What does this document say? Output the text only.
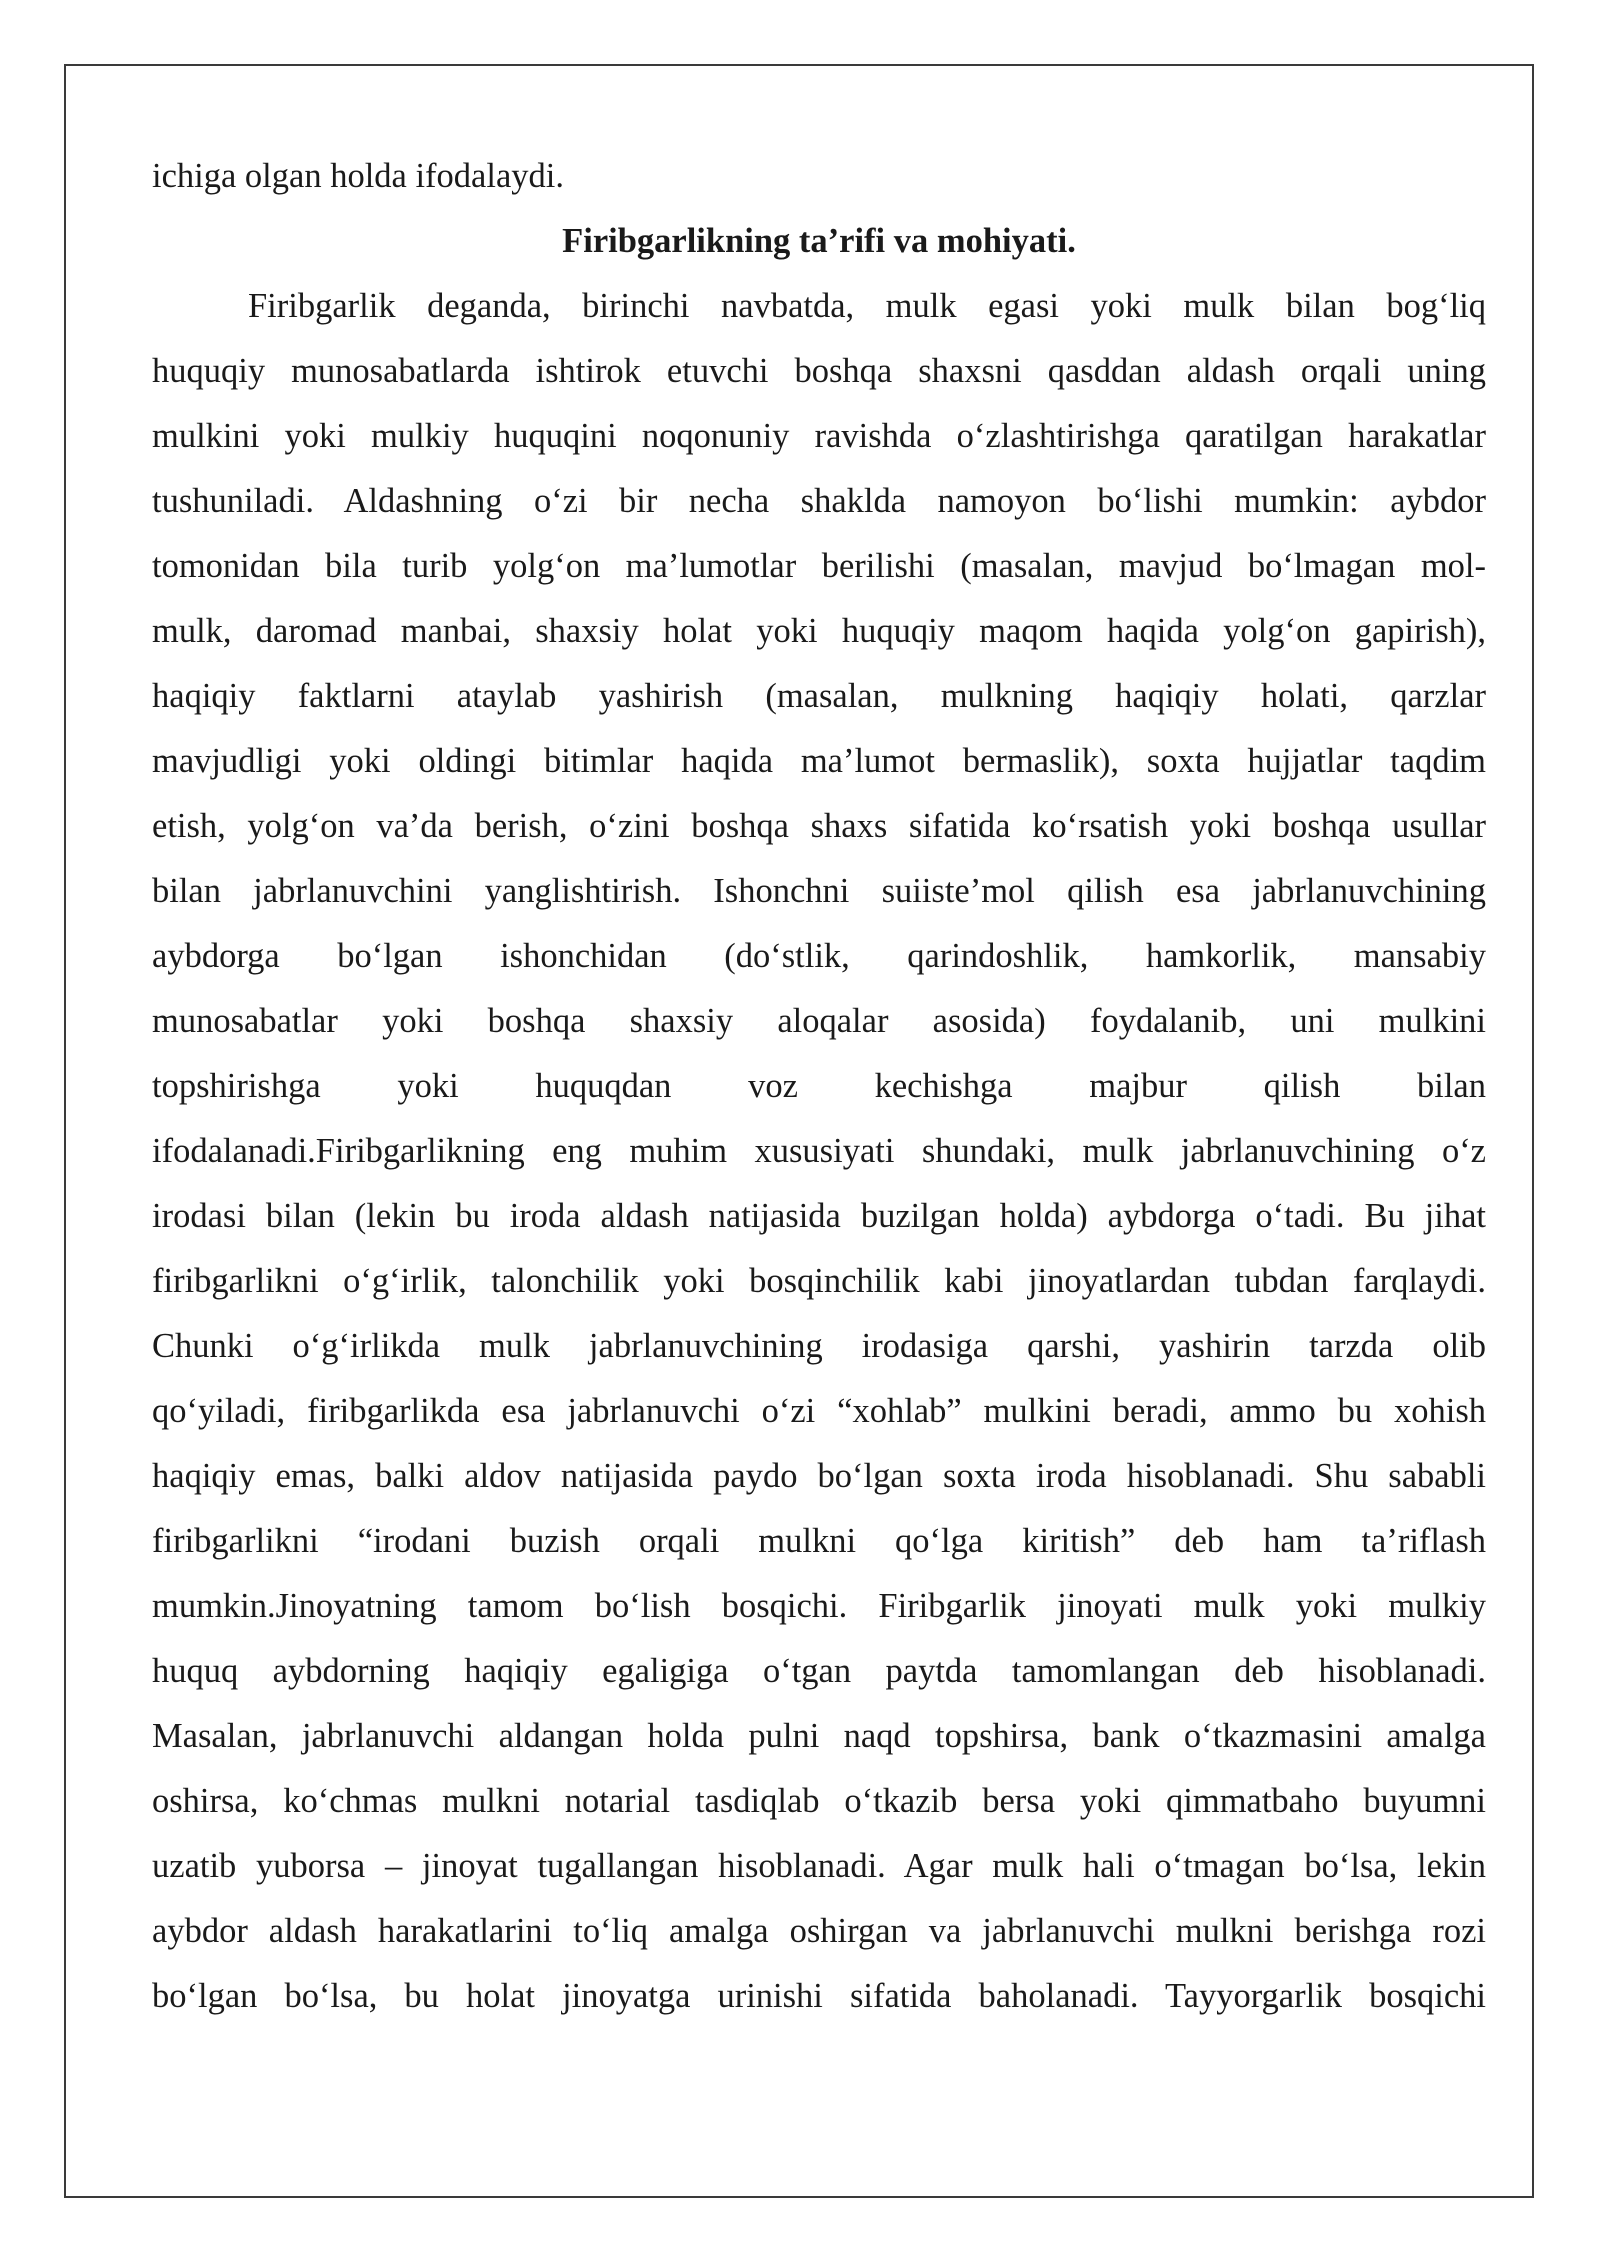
ichiga olgan holda ifodalaydi.
Firibgarlikning ta’rifi va mohiyati.
Firibgarlik deganda, birinchi navbatda, mulk egasi yoki mulk bilan bog‘liq
huquqiy munosabatlarda ishtirok etuvchi boshqa shaxsni qasddan aldash orqali uning
mulkini yoki mulkiy huquqini noqonuniy ravishda o‘zlashtirishga qaratilgan harakatlar
tushuniladi. Aldashning o‘zi bir necha shaklda namoyon bo‘lishi mumkin: aybdor
tomonidan bila turib yolg‘on ma’lumotlar berilishi (masalan, mavjud bo‘lmagan mol-
mulk, daromad manbai, shaxsiy holat yoki huquqiy maqom haqida yolg‘on gapirish),
haqiqiy faktlarni ataylab yashirish (masalan, mulkning haqiqiy holati, qarzlar
mavjudligi yoki oldingi bitimlar haqida ma’lumot bermaslik), soxta hujjatlar taqdim
etish, yolg‘on va’da berish, o‘zini boshqa shaxs sifatida ko‘rsatish yoki boshqa usullar
bilan jabrlanuvchini yanglishtirish. Ishonchni suiiste’mol qilish esa jabrlanuvchining
aybdorga bo‘lgan ishonchidan (do‘stlik, qarindoshlik, hamkorlik, mansabiy
munosabatlar yoki boshqa shaxsiy aloqalar asosida) foydalanib, uni mulkini
topshirishga yoki huquqdan voz kechishga majbur qilish bilan
ifodalanadi.Firibgarlikning eng muhim xususiyati shundaki, mulk jabrlanuvchining o‘z
irodasi bilan (lekin bu iroda aldash natijasida buzilgan holda) aybdorga o‘tadi. Bu jihat
firibgarlikni o‘g‘irlik, talonchilik yoki bosqinchilik kabi jinoyatlardan tubdan farqlaydi.
Chunki o‘g‘irlikda mulk jabrlanuvchining irodasiga qarshi, yashirin tarzda olib
qo‘yiladi, firibgarlikda esa jabrlanuvchi o‘zi “xohlab” mulkini beradi, ammo bu xohish
haqiqiy emas, balki aldov natijasida paydo bo‘lgan soxta iroda hisoblanadi. Shu sababli
firibgarlikni “irodani buzish orqali mulkni qo‘lga kiritish” deb ham ta’riflash
mumkin.Jinoyatning tamom bo‘lish bosqichi. Firibgarlik jinoyati mulk yoki mulkiy
huquq aybdorning haqiqiy egaligiga o‘tgan paytda tamomlangan deb hisoblanadi.
Masalan, jabrlanuvchi aldangan holda pulni naqd topshirsa, bank o‘tkazmasini amalga
oshirsa, ko‘chmas mulkni notarial tasdiqlab o‘tkazib bersa yoki qimmatbaho buyumni
uzatib yuborsa – jinoyat tugallangan hisoblanadi. Agar mulk hali o‘tmagan bo‘lsa, lekin
aybdor aldash harakatlarini to‘liq amalga oshirgan va jabrlanuvchi mulkni berishga rozi
bo‘lgan bo‘lsa, bu holat jinoyatga urinishi sifatida baholanadi. Tayyorgarlik bosqichi
